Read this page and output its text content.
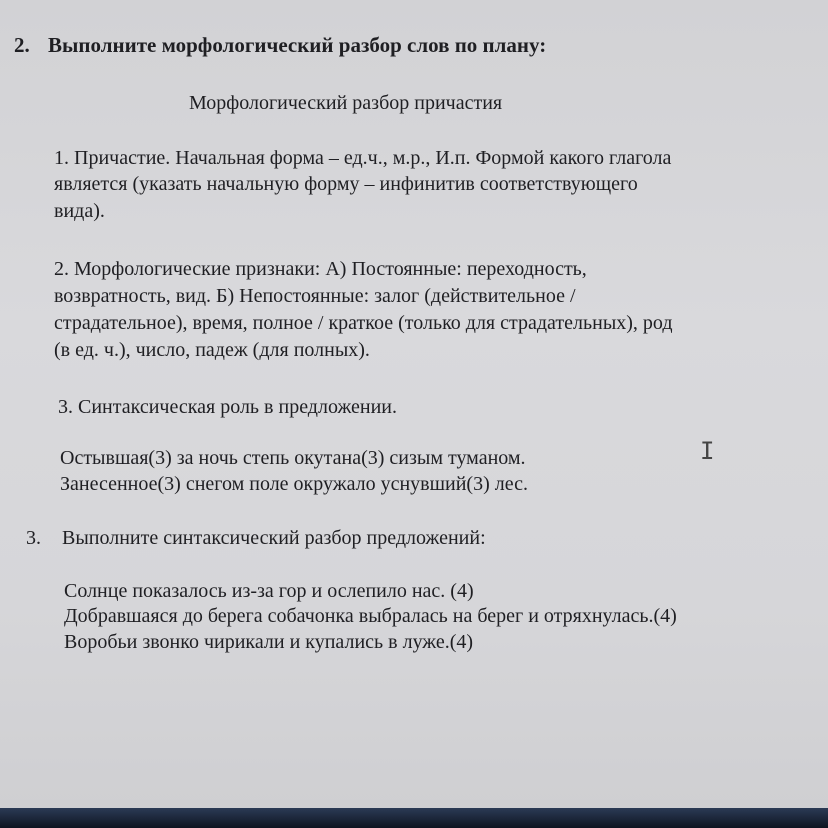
2. Выполните морфологический разбор слов по плану:
Морфологический разбор причастия
1. Причастие. Начальная форма – ед.ч., м.р., И.п. Формой какого глагола
является (указать начальную форму – инфинитив соответствующего
вида).
2. Морфологические признаки: А) Постоянные: переходность,
возвратность, вид. Б) Непостоянные: залог (действительное /
страдательное), время, полное / краткое (только для страдательных), род
(в ед. ч.), число, падеж (для полных).
3. Синтаксическая роль в предложении.
Остывшая(3) за ночь степь окутана(3) сизым туманом.
Занесенное(3) снегом поле окружало уснувший(3) лес.
3. Выполните синтаксический разбор предложений:
Солнце показалось из-за гор и ослепило нас. (4)
Добравшаяся до берега собачонка выбралась на берег и отряхнулась.(4)
Воробьи звонко чирикали и купались в луже.(4)
I
